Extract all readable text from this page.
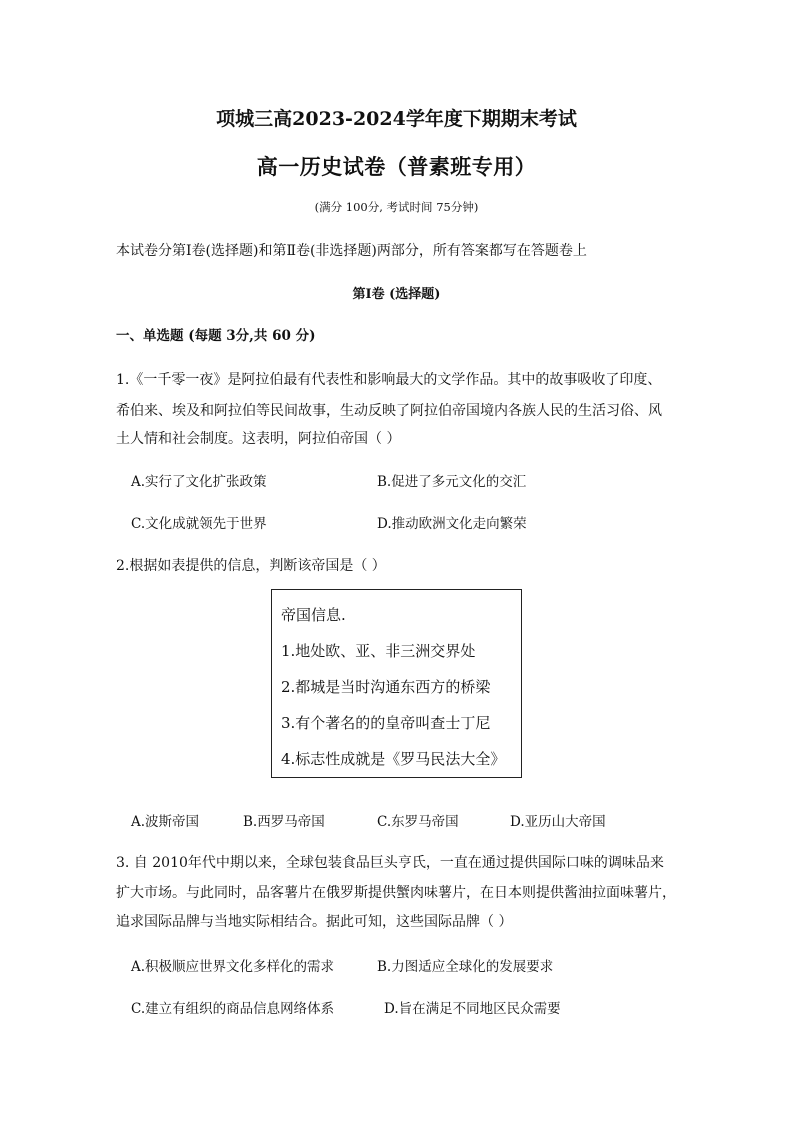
项城三高2023-2024学年度下期期末考试
高一历史试卷（普素班专用）
(满分 100分, 考试时间 75分钟)
本试卷分第Ⅰ卷(选择题)和第Ⅱ卷(非选择题)两部分，所有答案都写在答题卷上
第Ⅰ卷 (选择题)
一、单选题 (每题 3分,共 60 分)
1.《一千零一夜》是阿拉伯最有代表性和影响最大的文学作品。其中的故事吸收了印度、
希伯来、埃及和阿拉伯等民间故事，生动反映了阿拉伯帝国境内各族人民的生活习俗、风
土人情和社会制度。这表明，阿拉伯帝国（ ）
A.实行了文化扩张政策	B.促进了多元文化的交汇
C.文化成就领先于世界	D.推动欧洲文化走向繁荣
2.根据如表提供的信息，判断该帝国是（ ）
帝国信息.
1.地处欧、亚、非三洲交界处
2.都城是当时沟通东西方的桥梁
3.有个著名的的皇帝叫查士丁尼
4.标志性成就是《罗马民法大全》
A.波斯帝国	B.西罗马帝国	C.东罗马帝国	D.亚历山大帝国
3. 自 2010年代中期以来，全球包装食品巨头亨氏，一直在通过提供国际口味的调味品来
扩大市场。与此同时，品客薯片在俄罗斯提供蟹肉味薯片，在日本则提供酱油拉面味薯片，
追求国际品牌与当地实际相结合。据此可知，这些国际品牌（ ）
A.积极顺应世界文化多样化的需求	B.力图适应全球化的发展要求
C.建立有组织的商品信息网络体系	D.旨在满足不同地区民众需要
